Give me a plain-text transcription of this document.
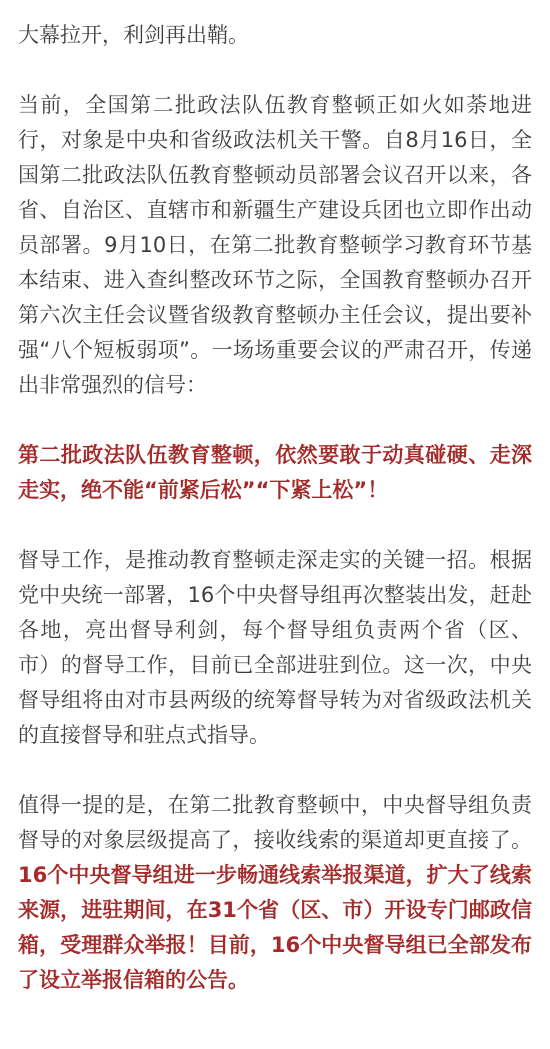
大幕拉开，利剑再出鞘。

当前，全国第二批政法队伍教育整顿正如火如荼地进行，对象是中央和省级政法机关干警。自8月16日，全国第二批政法队伍教育整顿动员部署会议召开以来，各省、自治区、直辖市和新疆生产建设兵团也立即作出动员部署。9月10日，在第二批教育整顿学习教育环节基本结束、进入查纠整改环节之际，全国教育整顿办召开第六次主任会议暨省级教育整顿办主任会议，提出要补强“八个短板弱项”。一场场重要会议的严肃召开，传递出非常强烈的信号：

第二批政法队伍教育整顿，依然要敢于动真碰硬、走深走实，绝不能“前紧后松”“下紧上松”！

督导工作，是推动教育整顿走深走实的关键一招。根据党中央统一部署，16个中央督导组再次整装出发，赶赴各地，亮出督导利剑，每个督导组负责两个省（区、市）的督导工作，目前已全部进驻到位。这一次，中央督导组将由对市县两级的统筹督导转为对省级政法机关的直接督导和驻点式指导。

值得一提的是，在第二批教育整顿中，中央督导组负责督导的对象层级提高了，接收线索的渠道却更直接了。16个中央督导组进一步畅通线索举报渠道，扩大了线索来源，进驻期间，在31个省（区、市）开设专门邮政信箱，受理群众举报！目前，16个中央督导组已全部发布了设立举报信箱的公告。
